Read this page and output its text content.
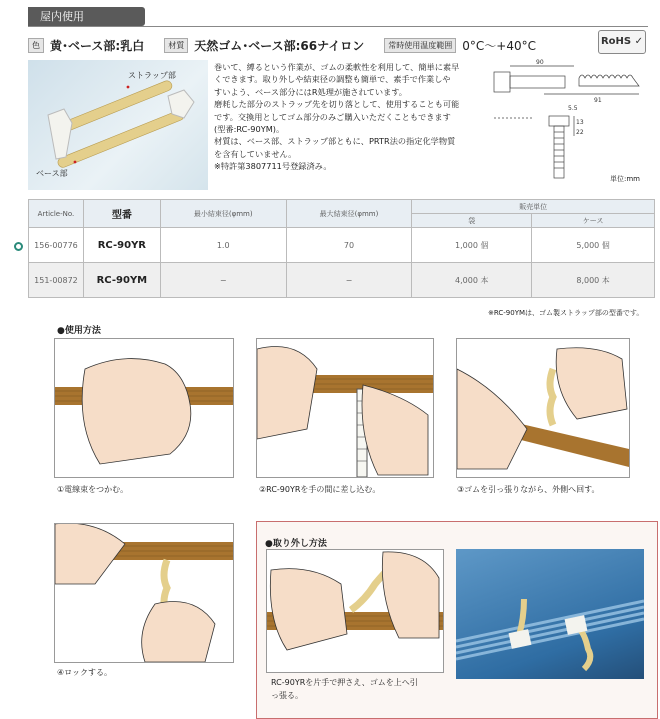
屋内使用
色 黄･ベース部:乳白	材質 天然ゴム･ベース部:66ナイロン	常時使用温度範囲 0°C～+40°C	RoHS ✓
ストラップ部
ベース部

巻いて、縛るという作業が、ゴムの柔軟性を利用して、簡単に素早

くできます。取り外しや結束径の調整も簡単で、素手で作業しや

すいよう、ベース部分にはR処理が施されています。

磨耗した部分のストラップ先を切り落として、使用することも可能

です。交換用としてゴム部分のみご購入いただくこともできます

(型番:RC-90YM)。

材質は、ベース部、ストラップ部ともに、PRTR法の指定化学物質

を含有していません。

※特許第3807711号登録済み。

90
91
13
22
5.5
単位:mm
Article‐No.	型番	最小結束径(φmm)	最大結束径(φmm)	販売単位	
				袋	ケース
156-00776	RC-90YR	1.0	70	1,000 個	5,000 個
151-00872	RC-90YM	−	−	4,000 本	8,000 本
※RC-90YMは、ゴム製ストラップ部の型番です。
●使用方法
①電線束をつかむ。	②RC-90YRを手の間に差し込む。	③ゴムを引っ張りながら、外側へ回す。
④ロックする。
●取り外し方法
RC-90YRを片手で押さえ、ゴムを上へ引
っ張る。
